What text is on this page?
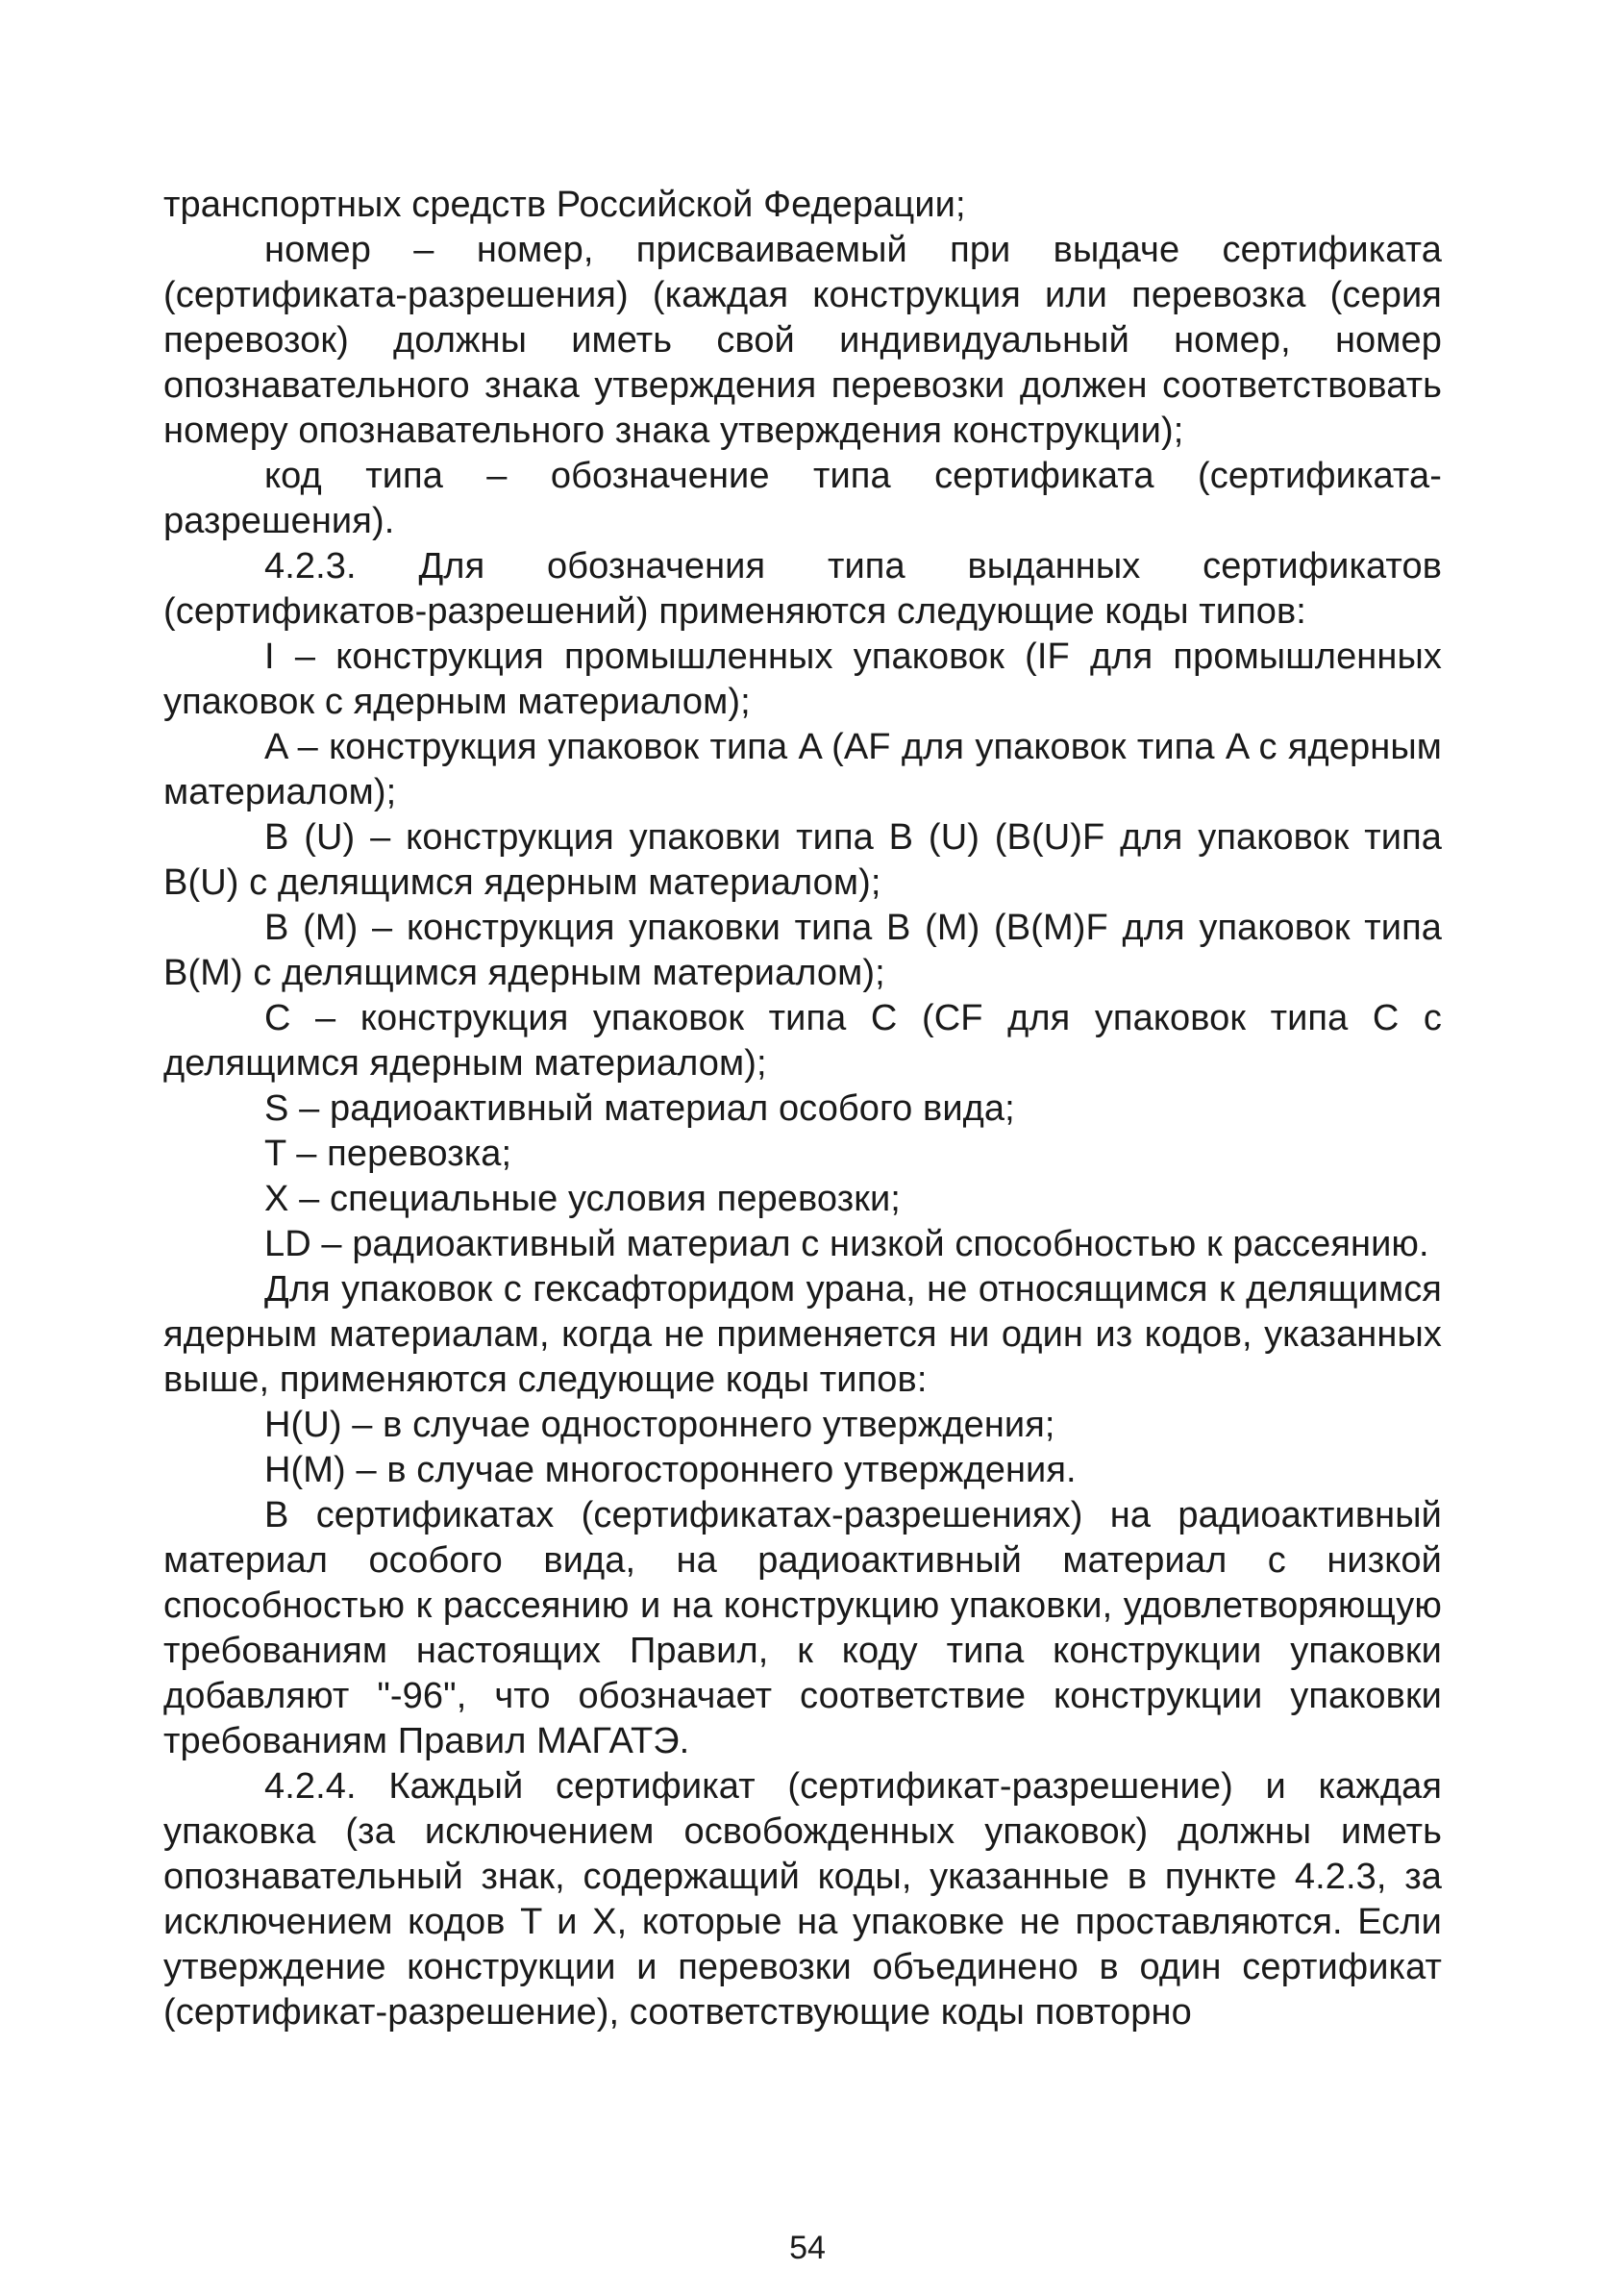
транспортных средств Российской Федерации;

номер – номер, присваиваемый при выдаче сертификата (сертификата-разрешения) (каждая конструкция или перевозка (серия перевозок) должны иметь свой индивидуальный номер, номер опознавательного знака утверждения перевозки должен соответствовать номеру опознавательного знака утверждения конструкции);

код типа – обозначение типа сертификата (сертификата-разрешения).

4.2.3. Для обозначения типа выданных сертификатов (сертификатов-разрешений) применяются следующие коды типов:

I – конструкция промышленных упаковок (IF для промышленных упаковок с ядерным материалом);

A – конструкция упаковок типа A (AF для упаковок типа A с ядерным материалом);

B (U) – конструкция упаковки типа B (U) (B(U)F для упаковок типа B(U) с делящимся ядерным материалом);

B (M) – конструкция упаковки типа B (M) (B(M)F для упаковок типа B(M) с делящимся ядерным материалом);

C – конструкция упаковок типа C (CF для упаковок типа C с делящимся ядерным материалом);

S – радиоактивный материал особого вида;

T – перевозка;

X – специальные условия перевозки;

LD – радиоактивный материал с низкой способностью к рассеянию.

Для упаковок с гексафторидом урана, не относящимся к делящимся ядерным материалам, когда не применяется ни один из кодов, указанных выше, применяются следующие коды типов:

H(U) – в случае одностороннего утверждения;

H(M) – в случае многостороннего утверждения.

В сертификатах (сертификатах-разрешениях) на радиоактивный материал особого вида, на радиоактивный материал с низкой способностью к рассеянию и на конструкцию упаковки, удовлетворяющую требованиям настоящих Правил, к коду типа конструкции упаковки добавляют "-96", что обозначает соответствие конструкции упаковки требованиям Правил МАГАТЭ.

4.2.4. Каждый сертификат (сертификат-разрешение) и каждая упаковка (за исключением освобожденных упаковок) должны иметь опознавательный знак, содержащий коды, указанные в пункте 4.2.3, за исключением кодов T и X, которые на упаковке не проставляются. Если утверждение конструкции и перевозки объединено в один сертификат (сертификат-разрешение), соответствующие коды повторно

54
